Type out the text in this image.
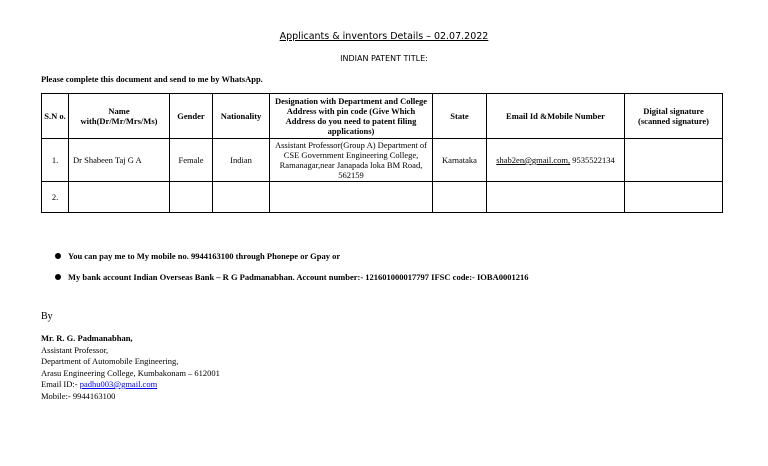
Applicants & inventors Details – 02.07.2022
INDIAN PATENT TITLE:
Please complete this document and send to me by WhatsApp.
S.N o.	Name with(Dr/Mr/Mrs/Ms)	Gender	Nationality	Designation with Department and College Address with pin code (Give Which Address do you need to patent filing applications)	State	Email Id &Mobile Number	Digital signature (scanned signature)
1.	Dr Shabeen Taj G A	Female	Indian	Assistant Professor(Group A) Department of CSE Government Engineering College, Ramanagar,near Janapada loka BM Road, 562159	Karnataka	shab2en@gmail.com, 9535522134	
2.							
You can pay me to My mobile no. 9944163100 through Phonepe or Gpay or
My bank account Indian Overseas Bank – R G Padmanabhan. Account number:- 121601000017797 IFSC code:- IOBA0001216
By
Mr. R. G. Padmanabhan,
Assistant Professor,
Department of Automobile Engineering,
Arasu Engineering College, Kumbakonam – 612001
Email ID:- padhu003@gmail.com
Mobile:- 9944163100
